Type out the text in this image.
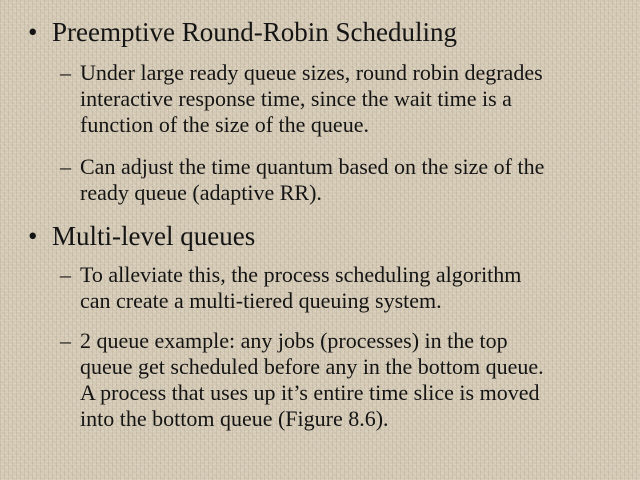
• Preemptive Round-Robin Scheduling
– Under large ready queue sizes, round robin degrades
interactive response time, since the wait time is a
function of the size of the queue.
– Can adjust the time quantum based on the size of the
ready queue (adaptive RR).
• Multi-level queues
– To alleviate this, the process scheduling algorithm
can create a multi-tiered queuing system.
– 2 queue example: any jobs (processes) in the top
queue get scheduled before any in the bottom queue.
A process that uses up it’s entire time slice is moved
into the bottom queue (Figure 8.6).
